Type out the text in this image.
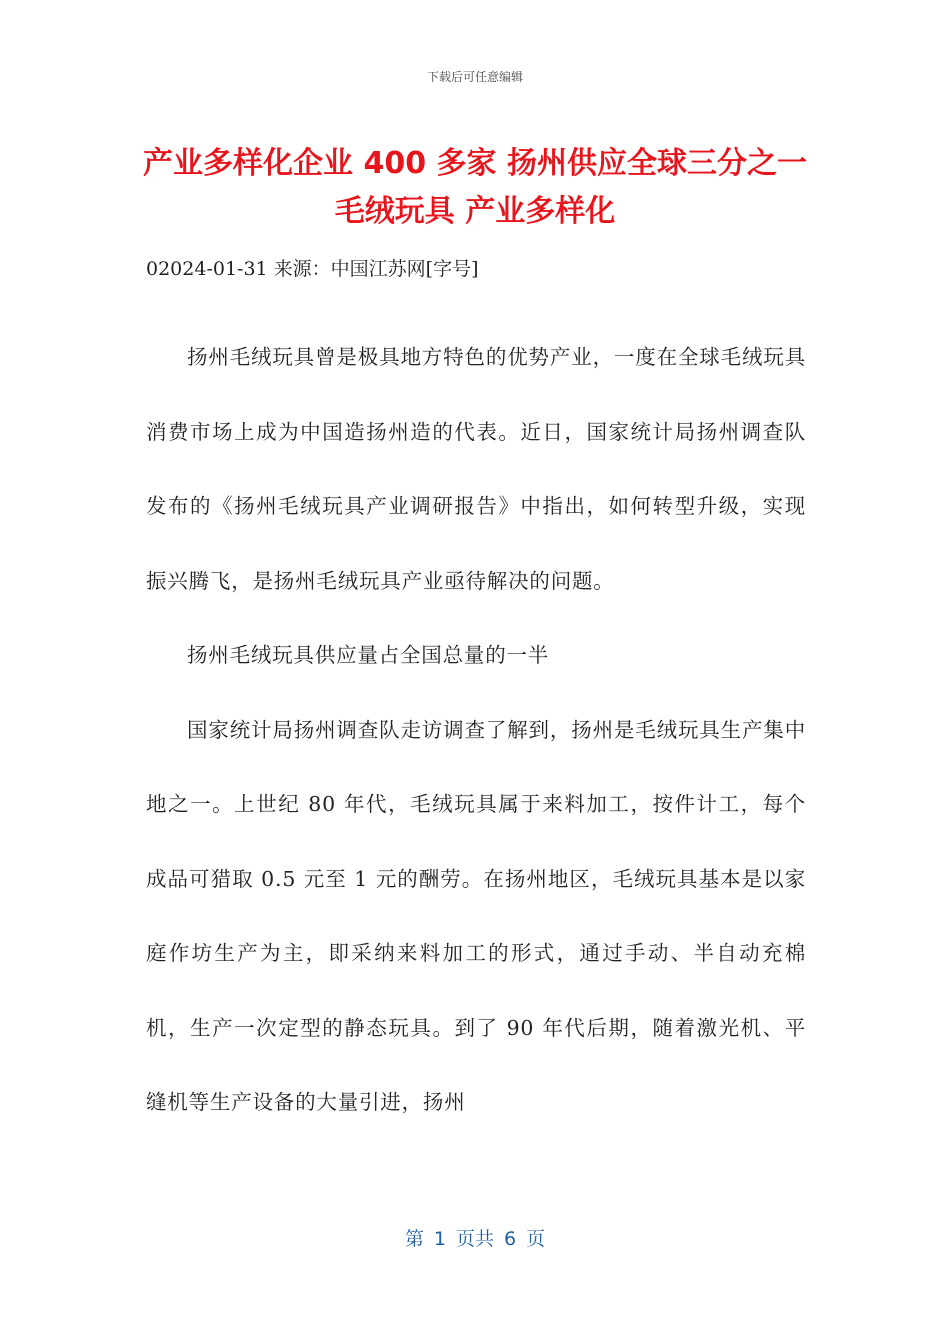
下载后可任意编辑
产业多样化企业 400 多家 扬州供应全球三分之一毛绒玩具 产业多样化
02024-01-31 来源：中国江苏网[字号]

扬州毛绒玩具曾是极具地方特色的优势产业，一度在全球毛绒玩具消费市场上成为中国造扬州造的代表。近日，国家统计局扬州调查队发布的《扬州毛绒玩具产业调研报告》中指出，如何转型升级，实现振兴腾飞，是扬州毛绒玩具产业亟待解决的问题。

扬州毛绒玩具供应量占全国总量的一半

国家统计局扬州调查队走访调查了解到，扬州是毛绒玩具生产集中地之一。上世纪 80 年代，毛绒玩具属于来料加工，按件计工，每个成品可猎取 0.5 元至 1 元的酬劳。在扬州地区，毛绒玩具基本是以家庭作坊生产为主，即采纳来料加工的形式，通过手动、半自动充棉机，生产一次定型的静态玩具。到了 90 年代后期，随着激光机、平缝机等生产设备的大量引进，扬州

第 1 页共 6 页
